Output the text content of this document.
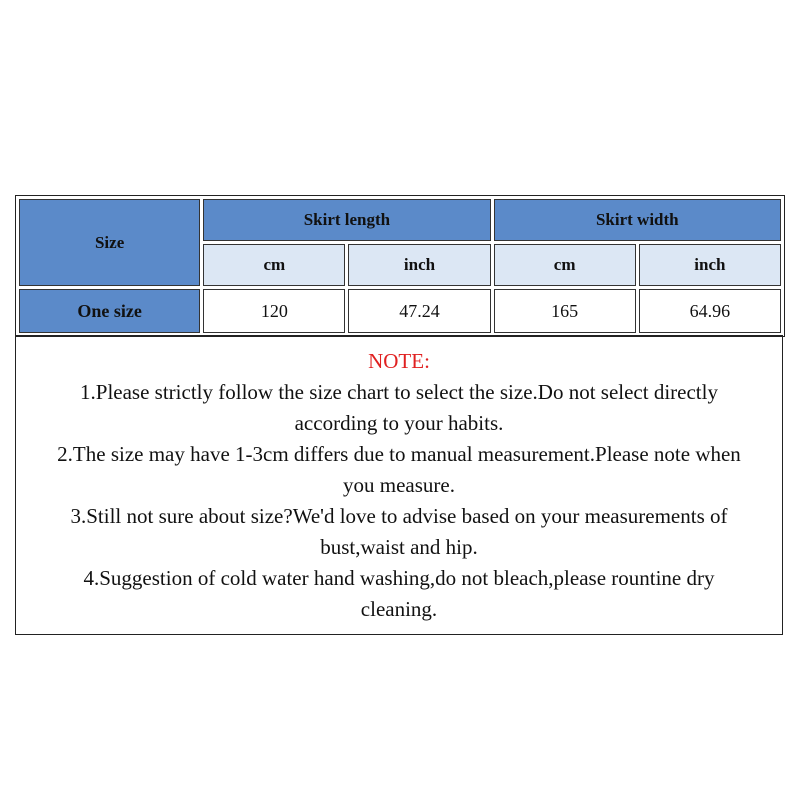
Size	Skirt length		Skirt width	
	cm	inch	cm	inch
One size	120	47.24	165	64.96
NOTE:
1.Please strictly follow the size chart to select the size.Do not select directly
according to your habits.
2.The size may have 1-3cm differs due to manual measurement.Please note when
you measure.
3.Still not sure about size?We'd love to advise based on your measurements of
bust,waist and hip.
4.Suggestion of cold water hand washing,do not bleach,please rountine dry
cleaning.
